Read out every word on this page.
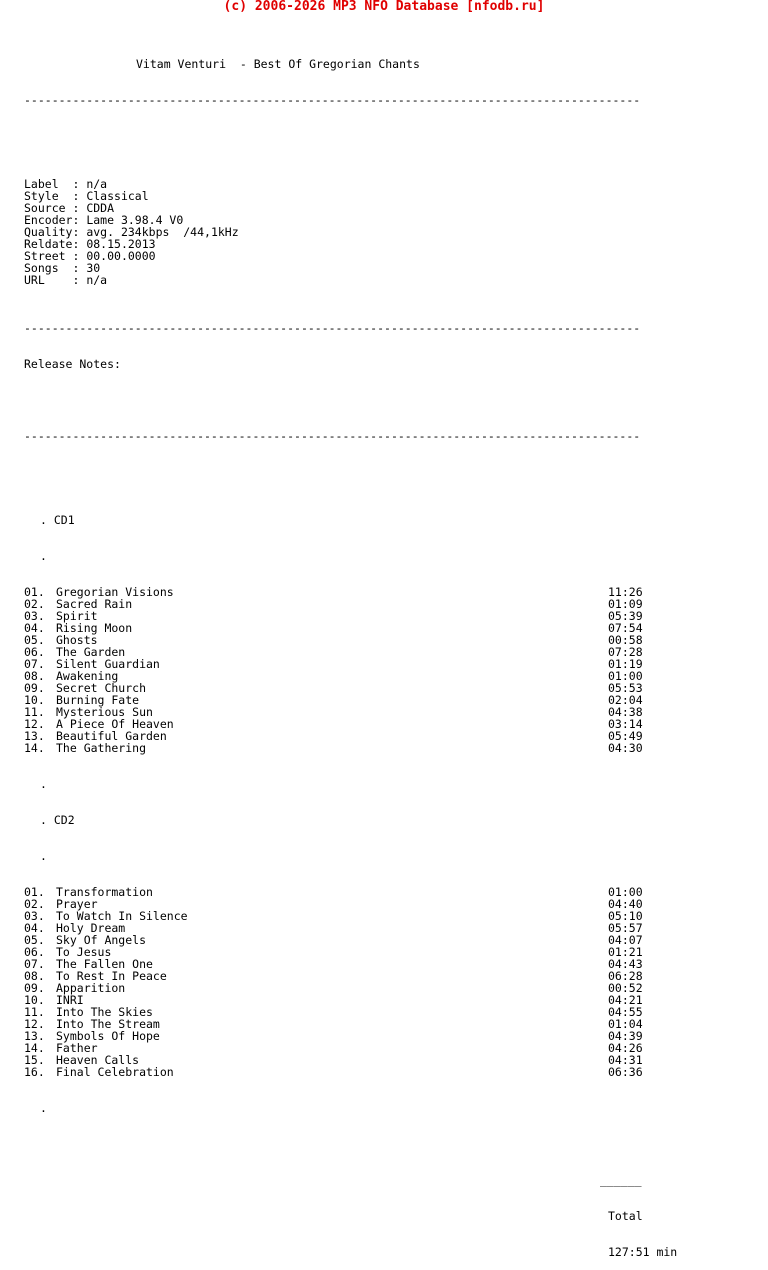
(c) 2006-2026 MP3 NFO Database [nfodb.ru]

Vitam Venturi  - Best Of Gregorian Chants

-----------------------------------------------------------------------------------------

Label  : n/a
Style  : Classical
Source : CDDA
Encoder: Lame 3.98.4 V0
Quality: avg. 234kbps  /44,1kHz
Reldate: 08.15.2013
Street : 00.00.0000
Songs  : 30
URL    : n/a

-----------------------------------------------------------------------------------------

Release Notes:

-----------------------------------------------------------------------------------------

. CD1

.

01. Gregorian Visions	11:26
02. Sacred Rain	01:09
03. Spirit	05:39
04. Rising Moon	07:54
05. Ghosts	00:58
06. The Garden	07:28
07. Silent Guardian	01:19
08. Awakening	01:00
09. Secret Church	05:53
10. Burning Fate	02:04
11. Mysterious Sun	04:38
12. A Piece Of Heaven	03:14
13. Beautiful Garden	05:49
14. The Gathering	04:30

.

. CD2

.

01. Transformation	01:00
02. Prayer	04:40
03. To Watch In Silence	05:10
04. Holy Dream	05:57
05. Sky Of Angels	04:07
06. To Jesus	01:21
07. The Fallen One	04:43
08. To Rest In Peace	06:28
09. Apparition	00:52
10. INRI	04:21
11. Into The Skies	04:55
12. Into The Stream	01:04
13. Symbols Of Hope	04:39
14. Father	04:26
15. Heaven Calls	04:31
16. Final Celebration	06:36

.

______

Total

127:51 min
